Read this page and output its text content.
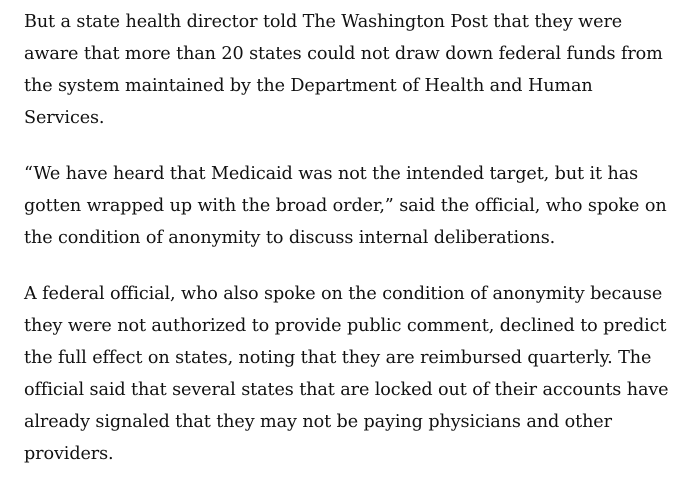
But a state health director told The Washington Post that they were aware that more than 20 states could not draw down federal funds from the system maintained by the Department of Health and Human Services.

“We have heard that Medicaid was not the intended target, but it has gotten wrapped up with the broad order,” said the official, who spoke on the condition of anonymity to discuss internal deliberations.

A federal official, who also spoke on the condition of anonymity because they were not authorized to provide public comment, declined to predict the full effect on states, noting that they are reimbursed quarterly. The official said that several states that are locked out of their accounts have already signaled that they may not be paying physicians and other providers.
